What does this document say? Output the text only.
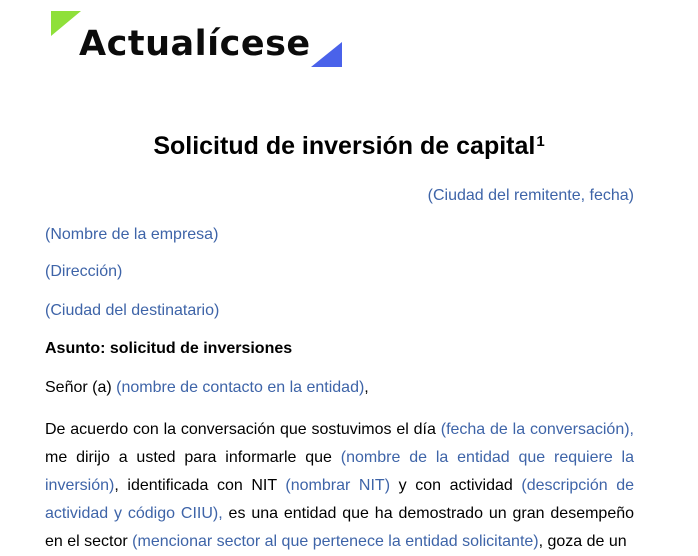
Actualícese
Solicitud de inversión de capital$^1$
(Ciudad del remitente, fecha)
(Nombre de la empresa)
(Dirección)
(Ciudad del destinatario)
Asunto: solicitud de inversiones
Señor (a) (nombre de contacto en la entidad),
De acuerdo con la conversación que sostuvimos el día (fecha de la conversación), me dirijo a usted para informarle que (nombre de la entidad que requiere la inversión), identificada con NIT (nombrar NIT) y con actividad (descripción de actividad y código CIIU), es una entidad que ha demostrado un gran desempeño en el sector (mencionar sector al que pertenece la entidad solicitante), goza de un
